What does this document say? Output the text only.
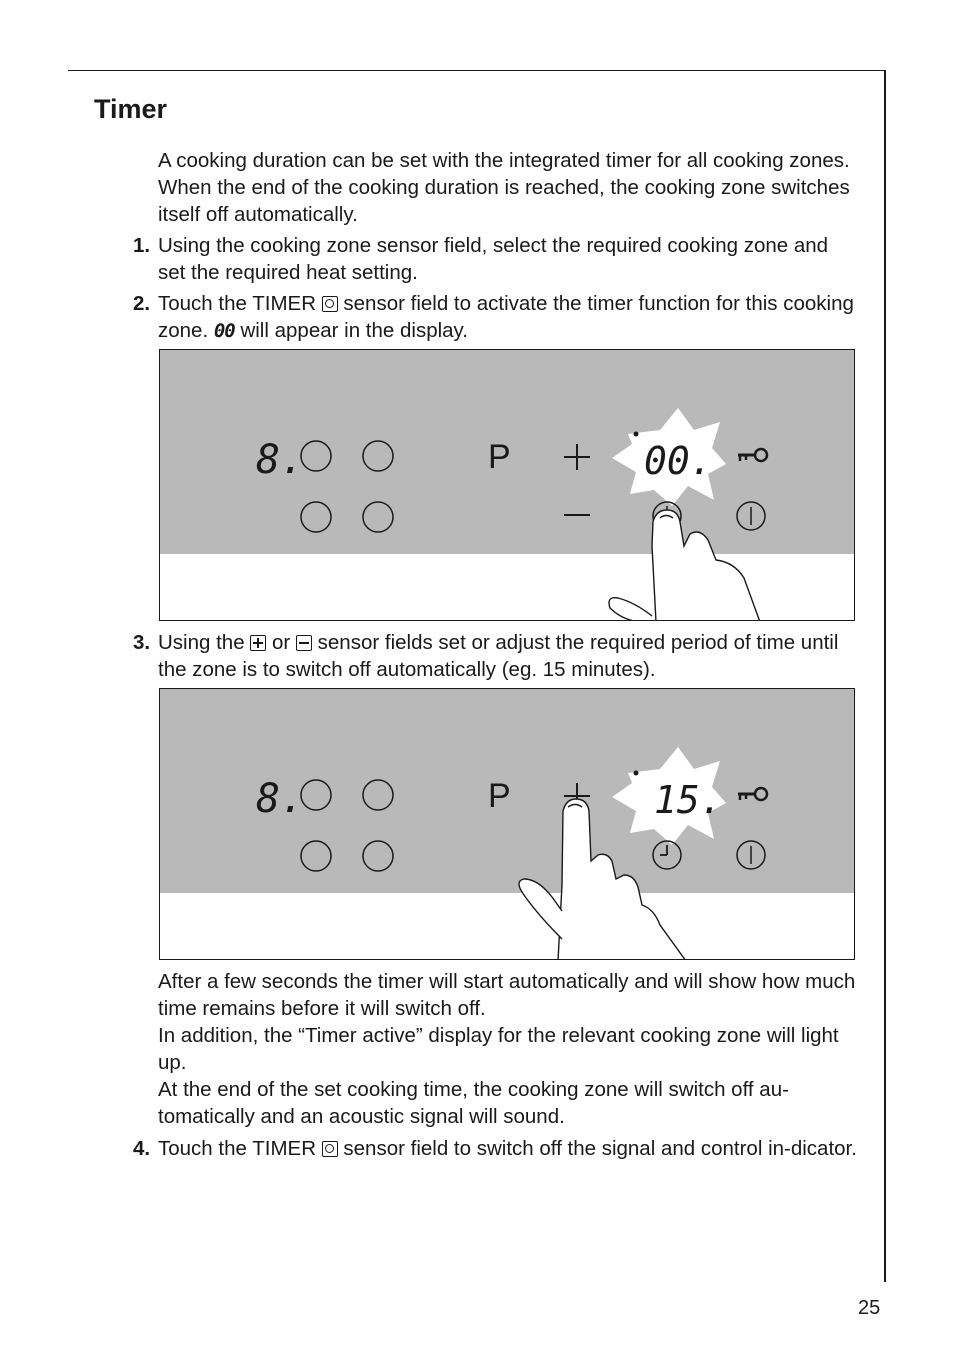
Timer

A cooking duration can be set with the integrated timer for all cooking zones. When the end of the cooking duration is reached, the cooking zone switches itself off automatically.

1. Using the cooking zone sensor field, select the required cooking zone and set the required heat setting.

2. Touch the TIMER sensor field to activate the timer function for this cooking zone. 00 will appear in the display.

8.	P	00.

3. Using the or sensor fields set or adjust the required period of time until the zone is to switch off automatically (eg. 15 minutes).

8.	P	15.

After a few seconds the timer will start automatically and will show how much time remains before it will switch off.

In addition, the “Timer active” display for the relevant cooking zone will light up.

At the end of the set cooking time, the cooking zone will switch off au-tomatically and an acoustic signal will sound.

4. Touch the TIMER sensor field to switch off the signal and control in-dicator.

25
